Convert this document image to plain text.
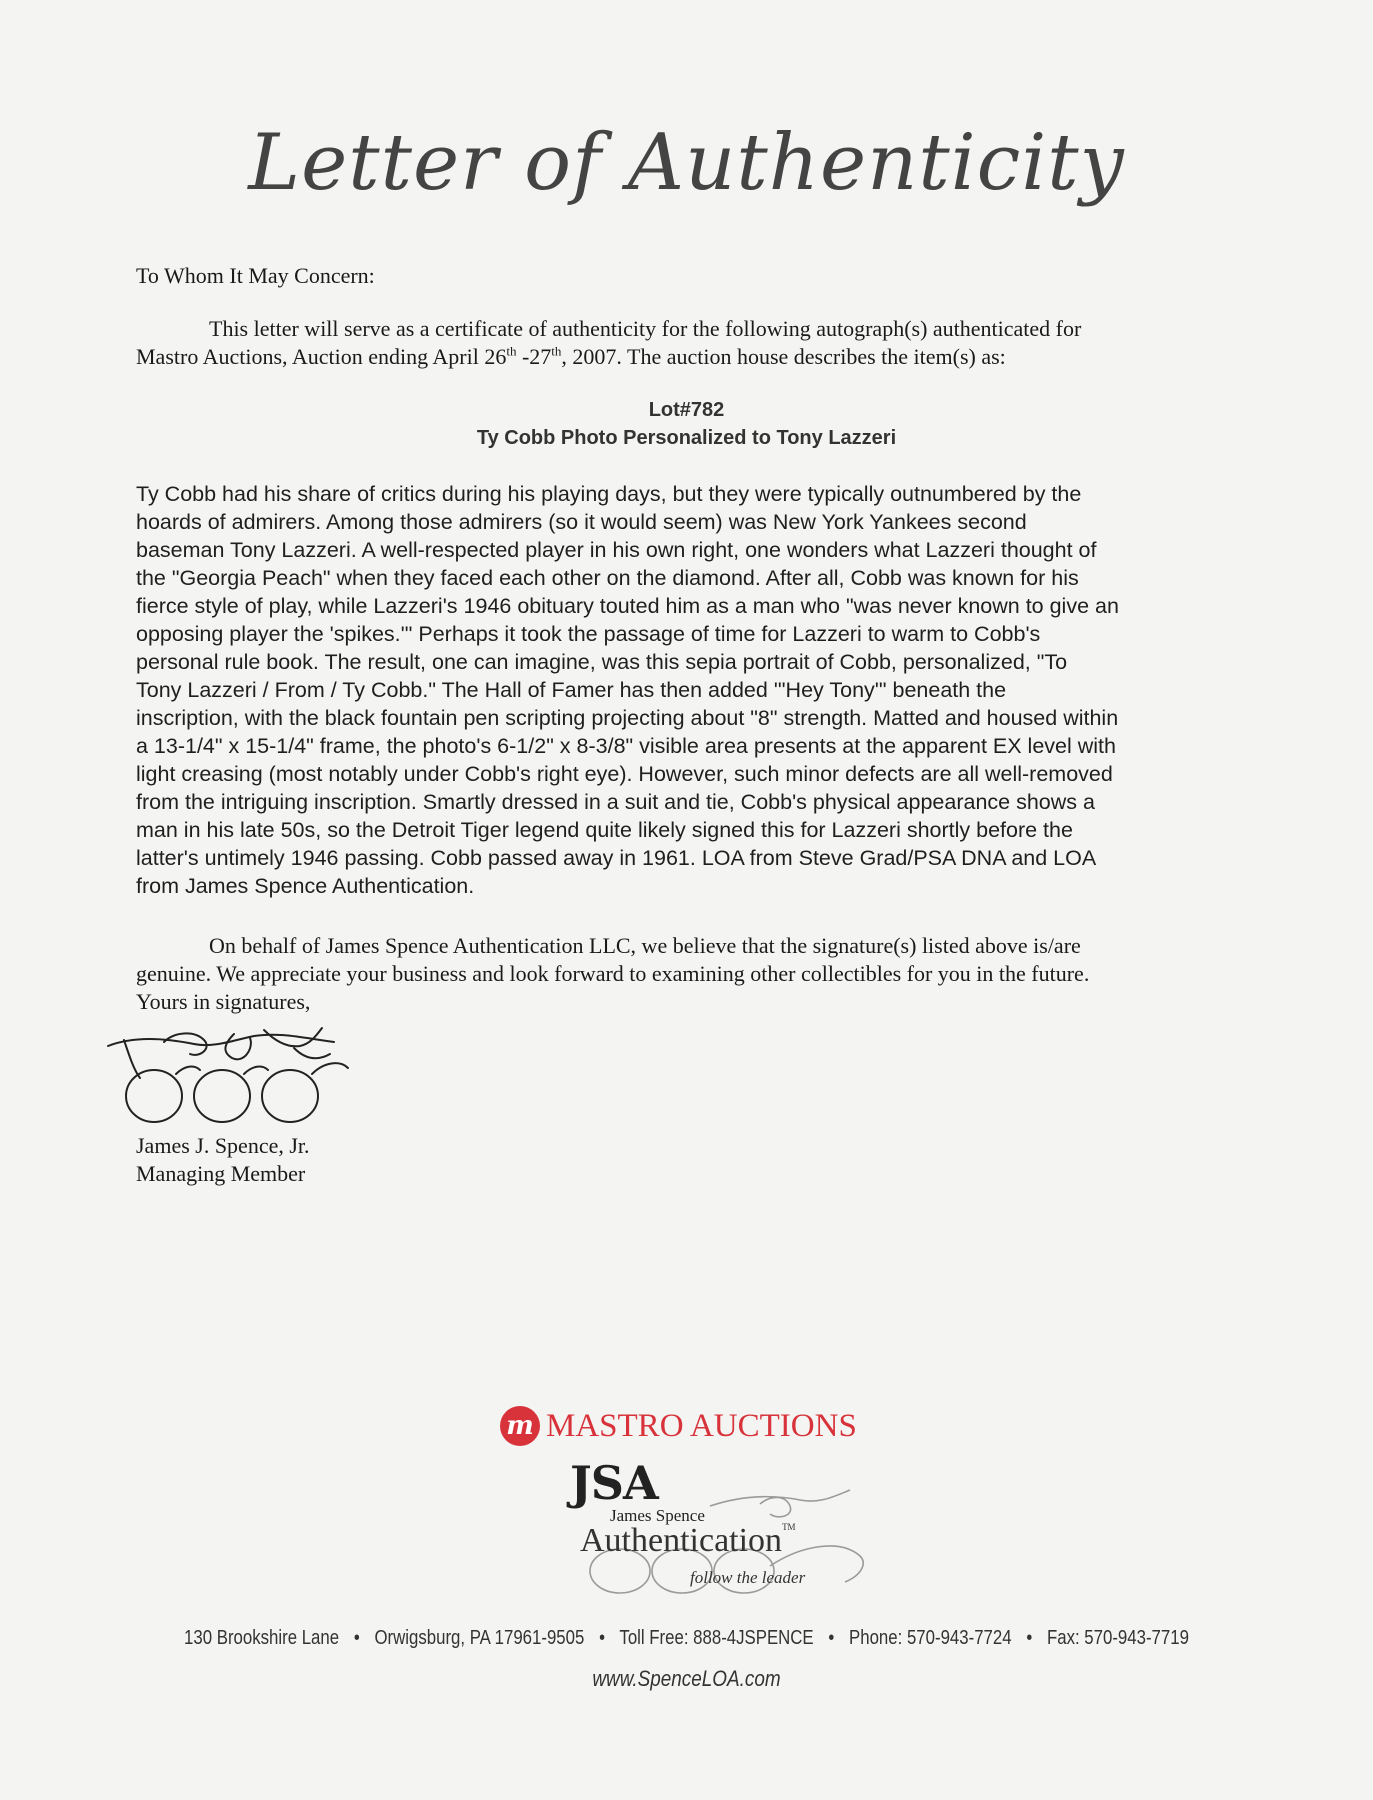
Letter of Authenticity
To Whom It May Concern:
This letter will serve as a certificate of authenticity for the following autograph(s) authenticated for
Mastro Auctions, Auction ending April 26th -27th, 2007. The auction house describes the item(s) as:
Lot#782
Ty Cobb Photo Personalized to Tony Lazzeri
Ty Cobb had his share of critics during his playing days, but they were typically outnumbered by the
hoards of admirers. Among those admirers (so it would seem) was New York Yankees second
baseman Tony Lazzeri. A well-respected player in his own right, one wonders what Lazzeri thought of
the "Georgia Peach" when they faced each other on the diamond. After all, Cobb was known for his
fierce style of play, while Lazzeri's 1946 obituary touted him as a man who "was never known to give an
opposing player the 'spikes.'" Perhaps it took the passage of time for Lazzeri to warm to Cobb's
personal rule book. The result, one can imagine, was this sepia portrait of Cobb, personalized, "To
Tony Lazzeri / From / Ty Cobb." The Hall of Famer has then added '"Hey Tony'" beneath the
inscription, with the black fountain pen scripting projecting about "8" strength. Matted and housed within
a 13-1/4" x 15-1/4" frame, the photo's 6-1/2" x 8-3/8" visible area presents at the apparent EX level with
light creasing (most notably under Cobb's right eye). However, such minor defects are all well-removed
from the intriguing inscription. Smartly dressed in a suit and tie, Cobb's physical appearance shows a
man in his late 50s, so the Detroit Tiger legend quite likely signed this for Lazzeri shortly before the
latter's untimely 1946 passing. Cobb passed away in 1961. LOA from Steve Grad/PSA DNA and LOA
from James Spence Authentication.
On behalf of James Spence Authentication LLC, we believe that the signature(s) listed above is/are
genuine. We appreciate your business and look forward to examining other collectibles for you in the future.
Yours in signatures,
James J. Spence, Jr.
Managing Member
m MASTRO AUCTIONS
JSA
James Spence
Authentication™
follow the leader
130 Brookshire Lane • Orwigsburg, PA 17961-9505 • Toll Free: 888-4JSPENCE • Phone: 570-943-7724 • Fax: 570-943-7719
www.SpenceLOA.com
